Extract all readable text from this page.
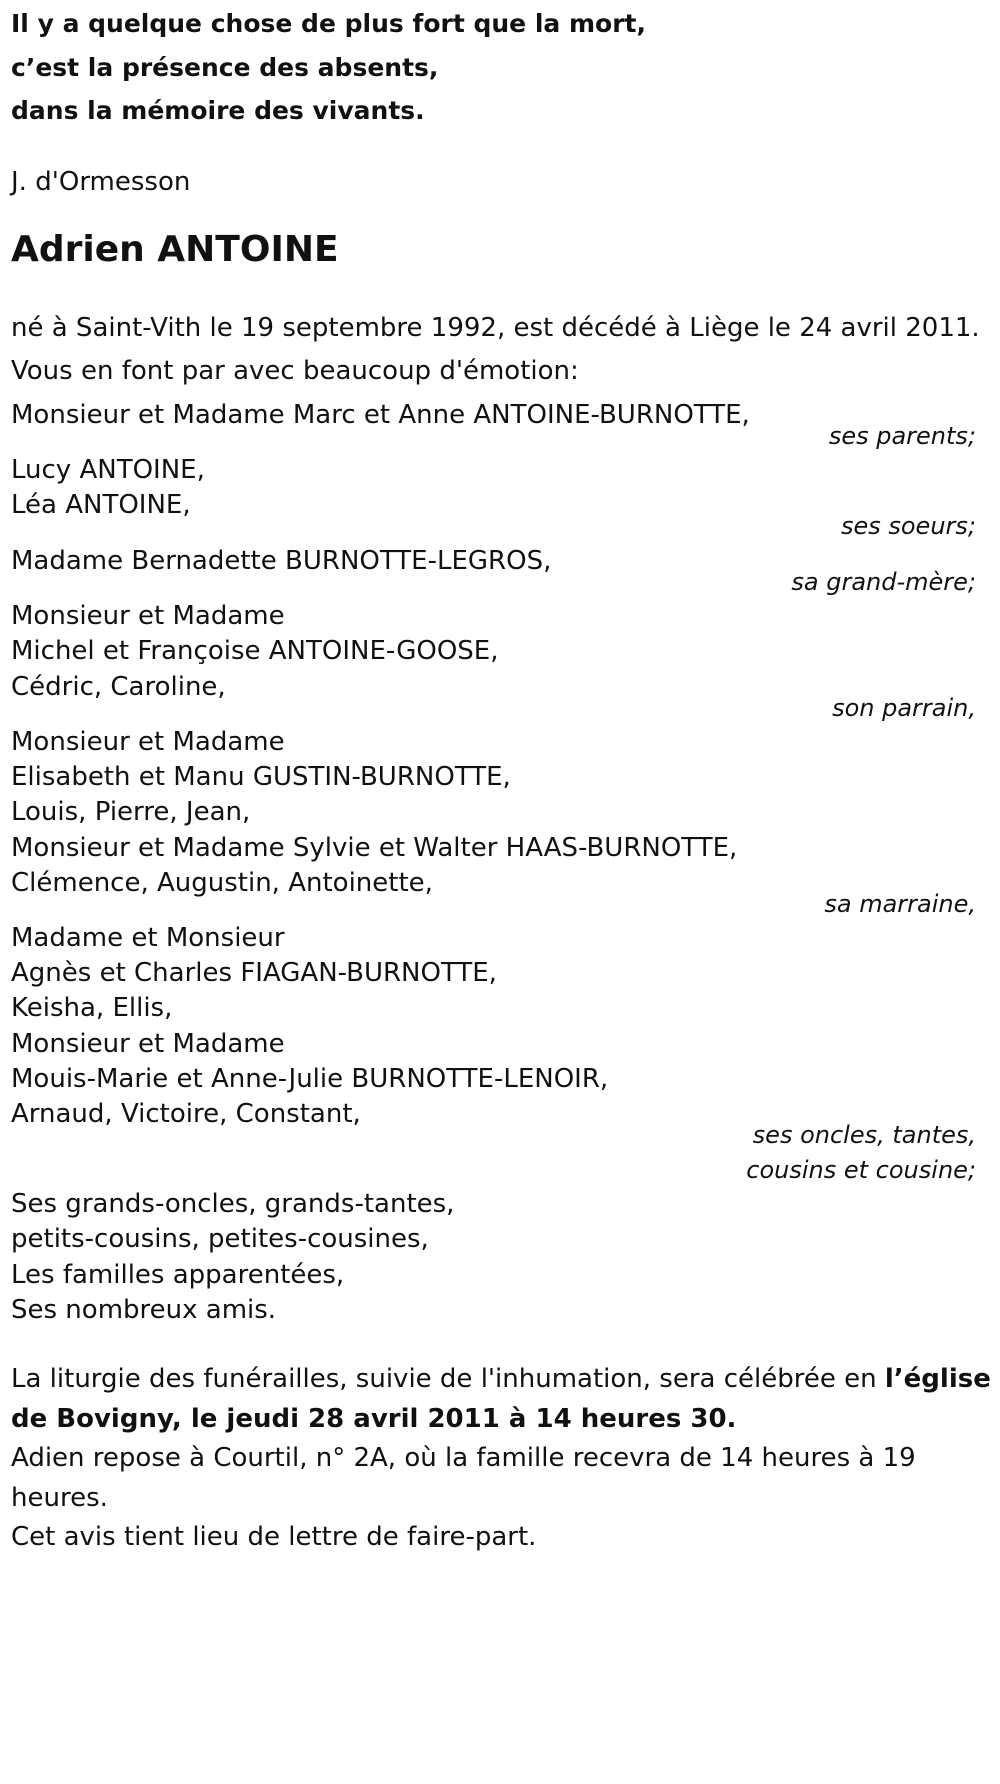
Il y a quelque chose de plus fort que la mort,
c’est la présence des absents,
dans la mémoire des vivants.
J. d'Ormesson
Adrien ANTOINE
né à Saint-Vith le 19 septembre 1992, est décédé à Liège le 24 avril 2011.
Vous en font par avec beaucoup d'émotion:
Monsieur et Madame Marc et Anne ANTOINE-BURNOTTE,
ses parents;
Lucy ANTOINE,
Léa ANTOINE,
ses soeurs;
Madame Bernadette BURNOTTE-LEGROS,
sa grand-mère;
Monsieur et Madame
Michel et Françoise ANTOINE-GOOSE,
Cédric, Caroline,
son parrain,
Monsieur et Madame
Elisabeth et Manu GUSTIN-BURNOTTE,
Louis, Pierre, Jean,
Monsieur et Madame Sylvie et Walter HAAS-BURNOTTE,
Clémence, Augustin, Antoinette,
sa marraine,
Madame et Monsieur
Agnès et Charles FIAGAN-BURNOTTE,
Keisha, Ellis,
Monsieur et Madame
Mouis-Marie et Anne-Julie BURNOTTE-LENOIR,
Arnaud, Victoire, Constant,
ses oncles, tantes,
cousins et cousine;
Ses grands-oncles, grands-tantes,
petits-cousins, petites-cousines,
Les familles apparentées,
Ses nombreux amis.
La liturgie des funérailles, suivie de l'inhumation, sera célébrée en l’église de Bovigny, le jeudi 28 avril 2011 à 14 heures 30.
Adien repose à Courtil, n° 2A, où la famille recevra de 14 heures à 19 heures.
Cet avis tient lieu de lettre de faire-part.
